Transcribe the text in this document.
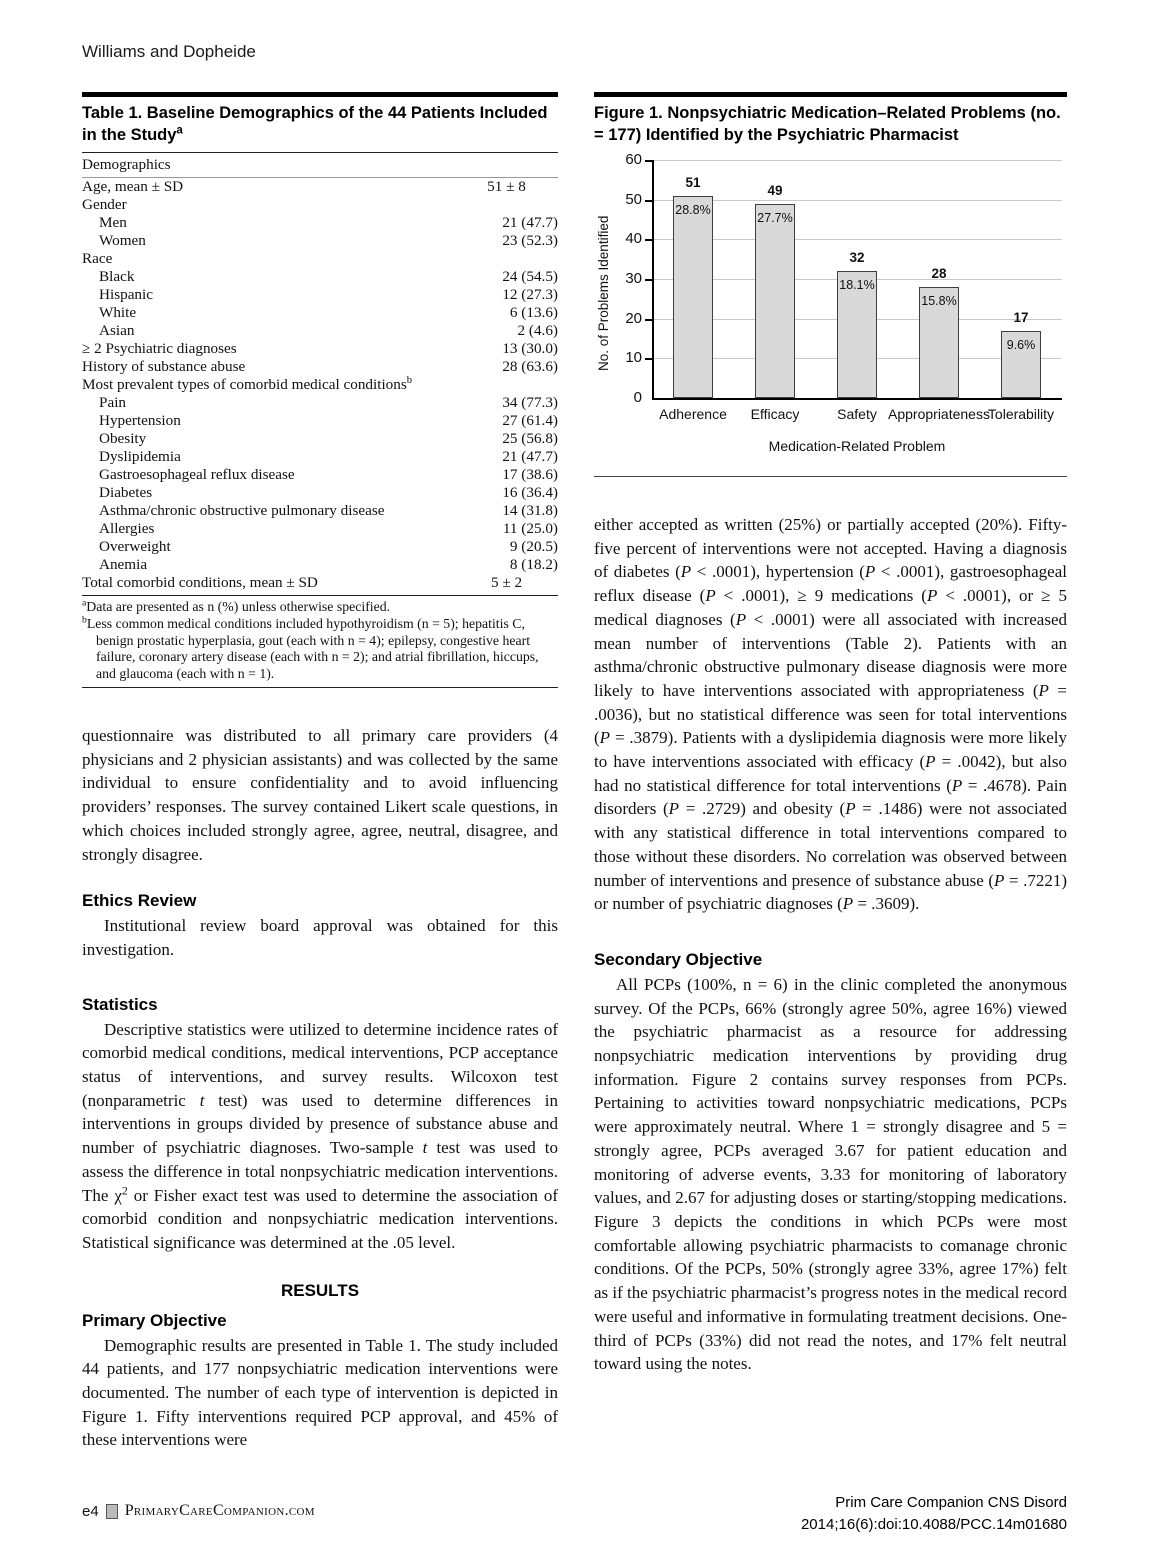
Williams and Dopheide
Table 1. Baseline Demographics of the 44 Patients Included in the Study$^a$
Demographics
Age, mean ± SD	51 ± 8
Gender
Men	21 (47.7)
Women	23 (52.3)
Race
Black	24 (54.5)
Hispanic	12 (27.3)
White	6 (13.6)
Asian	2 (4.6)
≥ 2 Psychiatric diagnoses	13 (30.0)
History of substance abuse	28 (63.6)
Most prevalent types of comorbid medical conditions$^b$
Pain	34 (77.3)
Hypertension	27 (61.4)
Obesity	25 (56.8)
Dyslipidemia	21 (47.7)
Gastroesophageal reflux disease	17 (38.6)
Diabetes	16 (36.4)
Asthma/chronic obstructive pulmonary disease	14 (31.8)
Allergies	11 (25.0)
Overweight	9 (20.5)
Anemia	8 (18.2)
Total comorbid conditions, mean ± SD	5 ± 2
$^a$Data are presented as n (%) unless otherwise specified.
$^b$Less common medical conditions included hypothyroidism (n = 5); hepatitis C, benign prostatic hyperplasia, gout (each with n = 4); epilepsy, congestive heart failure, coronary artery disease (each with n = 2); and atrial fibrillation, hiccups, and glaucoma (each with n = 1).

questionnaire was distributed to all primary care providers (4 physicians and 2 physician assistants) and was collected by the same individual to ensure confidentiality and to avoid influencing providers’ responses. The survey contained Likert scale questions, in which choices included strongly agree, agree, neutral, disagree, and strongly disagree.

Ethics Review

Institutional review board approval was obtained for this investigation.

Statistics

Descriptive statistics were utilized to determine incidence rates of comorbid medical conditions, medical interventions, PCP acceptance status of interventions, and survey results. Wilcoxon test (nonparametric t test) was used to determine differences in interventions in groups divided by presence of substance abuse and number of psychiatric diagnoses. Two-sample t test was used to assess the difference in total nonpsychiatric medication interventions. The $\chi^2$ or Fisher exact test was used to determine the association of comorbid condition and nonpsychiatric medication interventions. Statistical significance was determined at the .05 level.

RESULTS
Primary Objective

Demographic results are presented in Table 1. The study included 44 patients, and 177 nonpsychiatric medication interventions were documented. The number of each type of intervention is depicted in Figure 1. Fifty interventions required PCP approval, and 45% of these interventions were

Figure 1. Nonpsychiatric Medication–Related Problems (no. = 177) Identified by the Psychiatric Pharmacist
0
10
20
30
40
50
60
51
28.8%
Adherence
49
27.7%
Efficacy
32
18.1%
Safety
28
15.8%
Appropriateness
17
9.6%
Tolerability
Medication-Related Problem
No. of Problems Identified

either accepted as written (25%) or partially accepted (20%). Fifty-five percent of interventions were not accepted. Having a diagnosis of diabetes (P < .0001), hypertension (P < .0001), gastroesophageal reflux disease (P < .0001), ≥ 9 medications (P < .0001), or ≥ 5 medical diagnoses (P < .0001) were all associated with increased mean number of interventions (Table 2). Patients with an asthma/chronic obstructive pulmonary disease diagnosis were more likely to have interventions associated with appropriateness (P = .0036), but no statistical difference was seen for total interventions (P = .3879). Patients with a dyslipidemia diagnosis were more likely to have interventions associated with efficacy (P = .0042), but also had no statistical difference for total interventions (P = .4678). Pain disorders (P = .2729) and obesity (P = .1486) were not associated with any statistical difference in total interventions compared to those without these disorders. No correlation was observed between number of interventions and presence of substance abuse (P = .7221) or number of psychiatric diagnoses (P = .3609).

Secondary Objective

All PCPs (100%, n = 6) in the clinic completed the anonymous survey. Of the PCPs, 66% (strongly agree 50%, agree 16%) viewed the psychiatric pharmacist as a resource for addressing nonpsychiatric medication interventions by providing drug information. Figure 2 contains survey responses from PCPs. Pertaining to activities toward nonpsychiatric medications, PCPs were approximately neutral. Where 1 = strongly disagree and 5 = strongly agree, PCPs averaged 3.67 for patient education and monitoring of adverse events, 3.33 for monitoring of laboratory values, and 2.67 for adjusting doses or starting/stopping medications. Figure 3 depicts the conditions in which PCPs were most comfortable allowing psychiatric pharmacists to comanage chronic conditions. Of the PCPs, 50% (strongly agree 33%, agree 17%) felt as if the psychiatric pharmacist’s progress notes in the medical record were useful and informative in formulating treatment decisions. One-third of PCPs (33%) did not read the notes, and 17% felt neutral toward using the notes.

e4 PrimaryCareCompanion.com	Prim Care Companion CNS Disord
2014;16(6):doi:10.4088/PCC.14m01680
